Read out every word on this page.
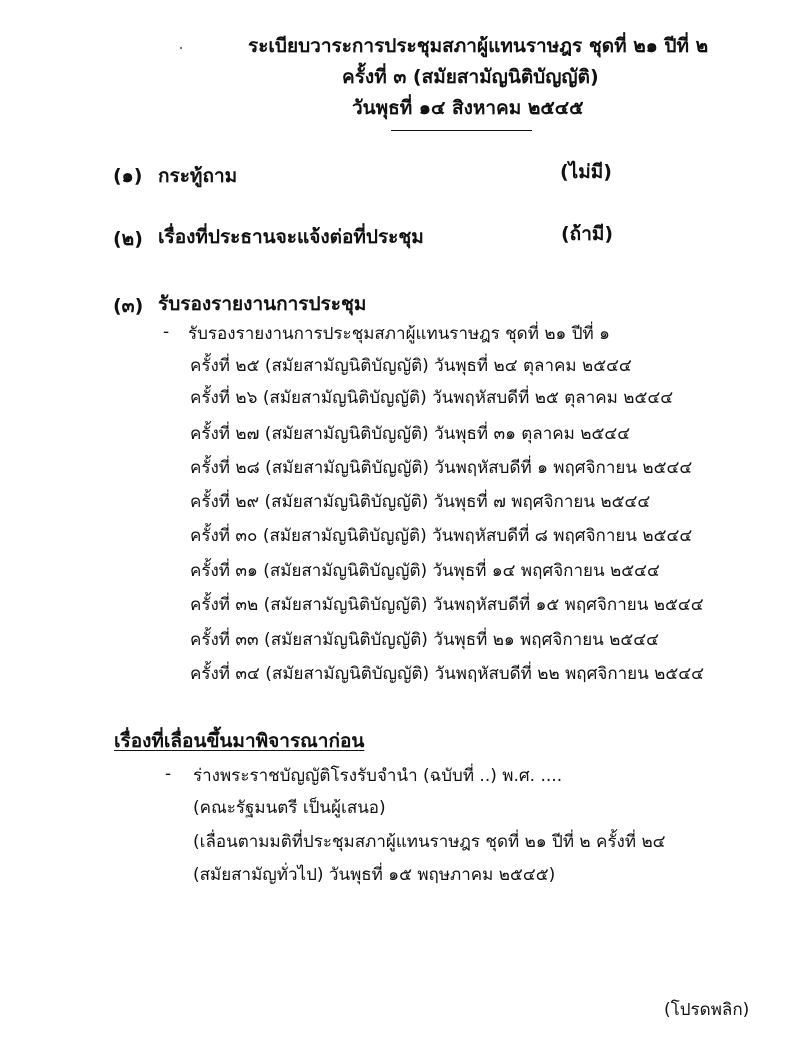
ระเบียบวาระการประชุมสภาผู้แทนราษฎร ชุดที่ ๒๑ ปีที่ ๒
ครั้งที่ ๓ (สมัยสามัญนิติบัญญัติ)
วันพุธที่ ๑๔ สิงหาคม ๒๕๔๕
(๑) กระทู้ถาม	(ไม่มี)
(๒) เรื่องที่ประธานจะแจ้งต่อที่ประชุม	(ถ้ามี)
(๓) รับรองรายงานการประชุม
- รับรองรายงานการประชุมสภาผู้แทนราษฎร ชุดที่ ๒๑ ปีที่ ๑
ครั้งที่ ๒๕ (สมัยสามัญนิติบัญญัติ) วันพุธที่ ๒๔ ตุลาคม ๒๕๔๔
ครั้งที่ ๒๖ (สมัยสามัญนิติบัญญัติ) วันพฤหัสบดีที่ ๒๕ ตุลาคม ๒๕๔๔
ครั้งที่ ๒๗ (สมัยสามัญนิติบัญญัติ) วันพุธที่ ๓๑ ตุลาคม ๒๕๔๔
ครั้งที่ ๒๘ (สมัยสามัญนิติบัญญัติ) วันพฤหัสบดีที่ ๑ พฤศจิกายน ๒๕๔๔
ครั้งที่ ๒๙ (สมัยสามัญนิติบัญญัติ) วันพุธที่ ๗ พฤศจิกายน ๒๕๔๔
ครั้งที่ ๓๐ (สมัยสามัญนิติบัญญัติ) วันพฤหัสบดีที่ ๘ พฤศจิกายน ๒๕๔๔
ครั้งที่ ๓๑ (สมัยสามัญนิติบัญญัติ) วันพุธที่ ๑๔ พฤศจิกายน ๒๕๔๔
ครั้งที่ ๓๒ (สมัยสามัญนิติบัญญัติ) วันพฤหัสบดีที่ ๑๕ พฤศจิกายน ๒๕๔๔
ครั้งที่ ๓๓ (สมัยสามัญนิติบัญญัติ) วันพุธที่ ๒๑ พฤศจิกายน ๒๕๔๔
ครั้งที่ ๓๔ (สมัยสามัญนิติบัญญัติ) วันพฤหัสบดีที่ ๒๒ พฤศจิกายน ๒๕๔๔
เรื่องที่เลื่อนขึ้นมาพิจารณาก่อน
- ร่างพระราชบัญญัติโรงรับจำนำ (ฉบับที่ ..) พ.ศ. ....
(คณะรัฐมนตรี เป็นผู้เสนอ)
(เลื่อนตามมติที่ประชุมสภาผู้แทนราษฎร ชุดที่ ๒๑ ปีที่ ๒ ครั้งที่ ๒๔
(สมัยสามัญทั่วไป) วันพุธที่ ๑๕ พฤษภาคม ๒๕๔๕)
(โปรดพลิก)
